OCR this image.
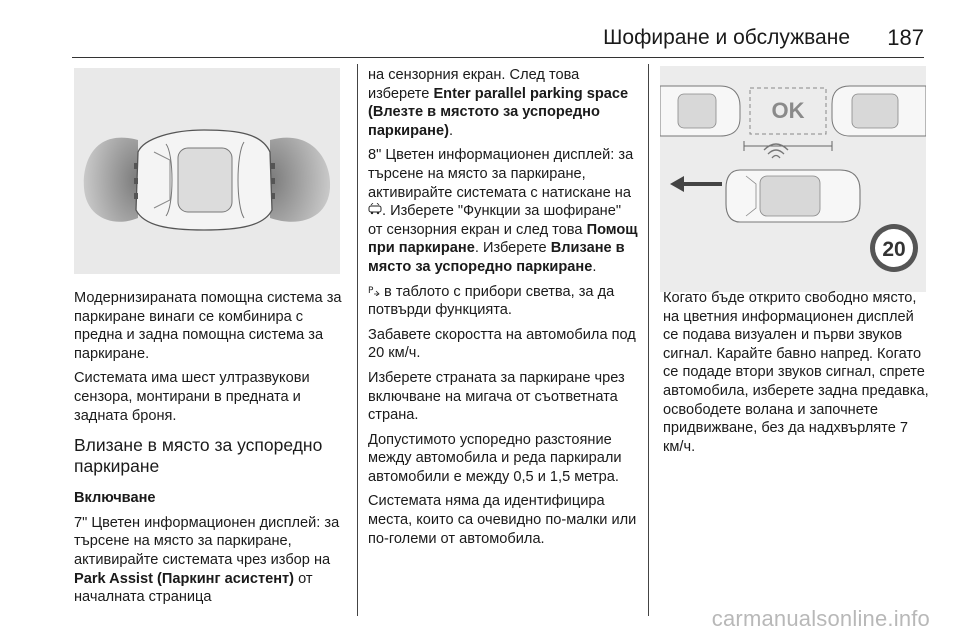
Шофиране и обслужване 187

Модернизираната помощна система за паркиране винаги се комбинира с предна и задна помощна система за паркиране.

Системата има шест ултразвукови сензора, монтирани в предната и задната броня.

Влизане в място за успоредно паркиране

Включване

7" Цветен информационен дисплей: за търсене на място за паркиране, активирайте системата чрез избор на Park Assist (Паркинг асистент) от началната страница

на сензорния екран. След това изберете Enter parallel parking space (Влезте в мястото за успоредно паркиране).

8" Цветен информационен дисплей: за търсене на място за паркиране, активирайте системата с натискане на . Изберете "Функции за шофиране" от сензорния екран и след това Помощ при паркиране. Изберете Влизане в място за успоредно паркиране.

P в таблото с прибори светва, за да потвърди функцията.

Забавете скоростта на автомобила под 20 км/ч.

Изберете страната за паркиране чрез включване на мигача от съответната страна.

Допустимото успоредно разстояние между автомобила и реда паркирали автомобили е между 0,5 и 1,5 метра.

Системата няма да идентифицира места, които са очевидно по-малки или по-големи от автомобила.

OK
20

Когато бъде открито свободно място, на цветния информационен дисплей се подава визуален и първи звуков сигнал. Карайте бавно напред. Когато се подаде втори звуков сигнал, спрете автомобила, изберете задна предавка, освободете волана и започнете придвижване, без да надхвърляте 7 км/ч.

carmanualsonline.info
